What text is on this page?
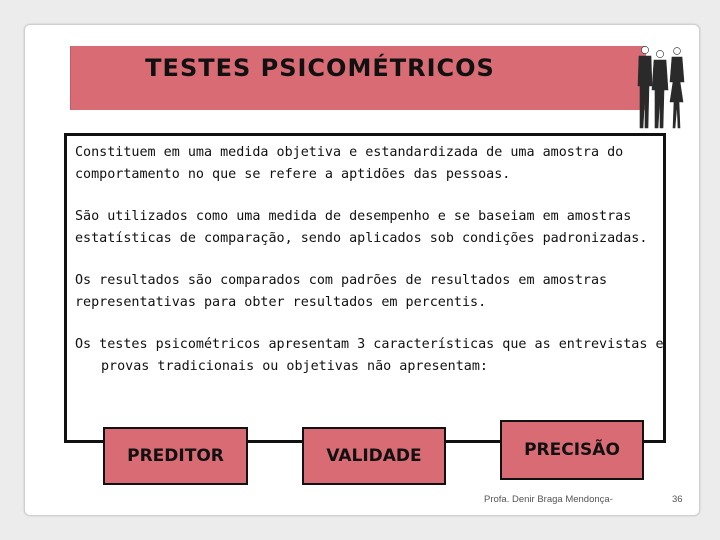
TESTES PSICOMÉTRICOS

Constituem em uma medida objetiva e estandardizada de uma amostra do comportamento no que se refere a aptidões das pessoas.

São utilizados como uma medida de desempenho e se baseiam em amostras estatísticas de comparação, sendo aplicados sob condições padronizadas.

Os resultados são comparados com padrões de resultados em amostras representativas para obter resultados em percentis.

Os testes psicométricos apresentam 3 características que as entrevistas e
provas tradicionais ou objetivas não apresentam:

PREDITOR	VALIDADE	PRECISÃO
Profa. Denir Braga Mendonça-	36
